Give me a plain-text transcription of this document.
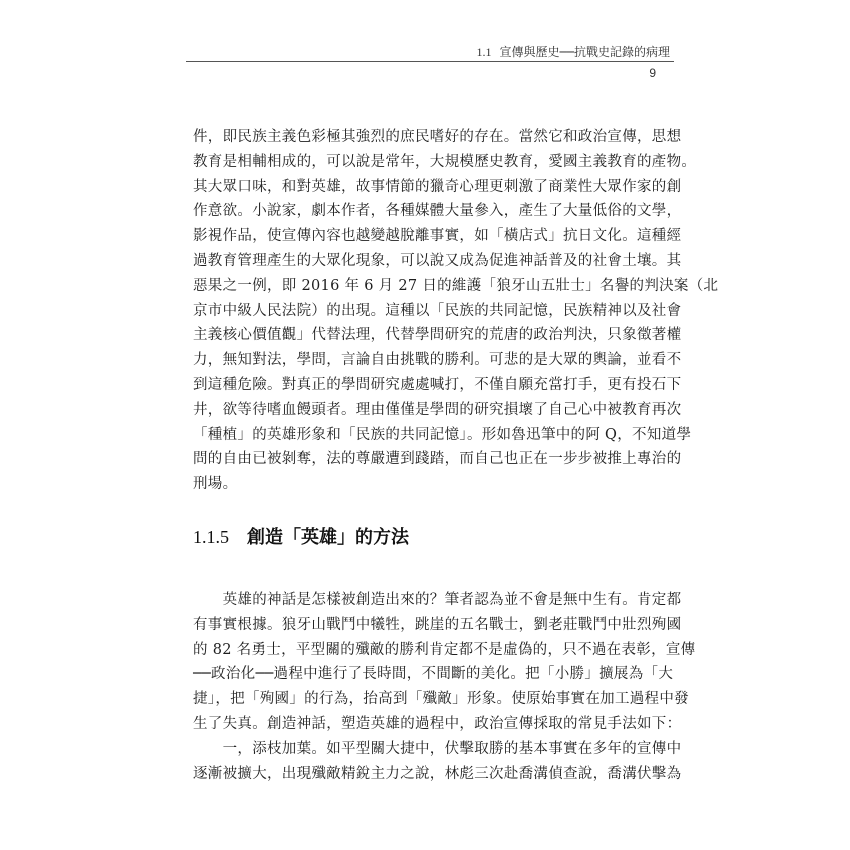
1.1 宣傳與歷史──抗戰史記錄的病理
9
件，即民族主義色彩極其強烈的庶民嗜好的存在。當然它和政治宣傳，思想
教育是相輔相成的，可以說是常年，大規模歷史教育，愛國主義教育的產物。
其大眾口味，和對英雄，故事情節的獵奇心理更刺激了商業性大眾作家的創
作意欲。小說家，劇本作者，各種媒體大量參入，產生了大量低俗的文學，
影視作品，使宣傳內容也越變越脫離事實，如「橫店式」抗日文化。這種經
過教育管理產生的大眾化現象，可以說又成為促進神話普及的社會土壤。其
惡果之一例，即 2016 年 6 月 27 日的維護「狼牙山五壯士」名譽的判決案（北
京市中級人民法院）的出現。這種以「民族的共同記憶，民族精神以及社會
主義核心價值觀」代替法理，代替學問研究的荒唐的政治判決，只象徵著權
力，無知對法，學問，言論自由挑戰的勝利。可悲的是大眾的輿論，並看不
到這種危險。對真正的學問研究處處喊打，不僅自願充當打手，更有投石下
井，欲等待嗜血饅頭者。理由僅僅是學問的研究損壞了自己心中被教育再次
「種植」的英雄形象和「民族的共同記憶」。形如魯迅筆中的阿 Q，不知道學
問的自由已被剝奪，法的尊嚴遭到踐踏，而自己也正在一步步被推上專治的
刑場。
1.1.5 創造「英雄」的方法
　　英雄的神話是怎樣被創造出來的？筆者認為並不會是無中生有。肯定都
有事實根據。狼牙山戰鬥中犧牲，跳崖的五名戰士，劉老莊戰鬥中壯烈殉國
的 82 名勇士，平型關的殲敵的勝利肯定都不是虛偽的，只不過在表彰，宣傳
──政治化──過程中進行了長時間，不間斷的美化。把「小勝」擴展為「大
捷」，把「殉國」的行為，抬高到「殲敵」形象。使原始事實在加工過程中發
生了失真。創造神話，塑造英雄的過程中，政治宣傳採取的常見手法如下：
　　一，添枝加葉。如平型關大捷中，伏擊取勝的基本事實在多年的宣傳中
逐漸被擴大，出現殲敵精銳主力之說，林彪三次赴喬溝偵查說，喬溝伏擊為
